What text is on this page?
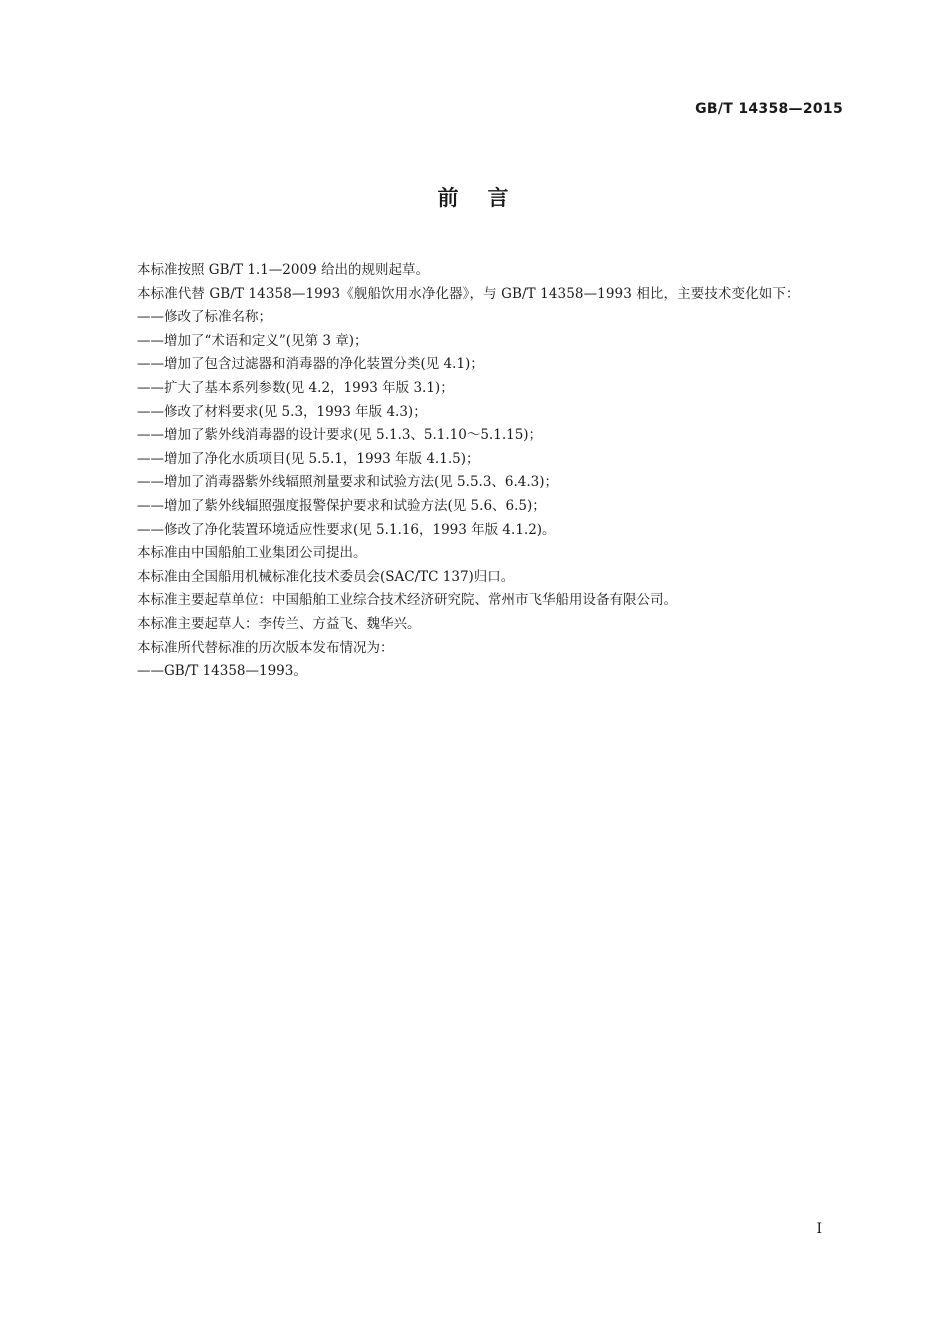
GB/T 14358—2015
前　言

本标准按照 GB/T 1.1—2009 给出的规则起草。

本标准代替 GB/T 14358—1993《舰船饮用水净化器》，与 GB/T 14358—1993 相比，主要技术变化如下：

——修改了标准名称；

——增加了“术语和定义”(见第 3 章)；

——增加了包含过滤器和消毒器的净化装置分类(见 4.1)；

——扩大了基本系列参数(见 4.2，1993 年版 3.1)；

——修改了材料要求(见 5.3，1993 年版 4.3)；

——增加了紫外线消毒器的设计要求(见 5.1.3、5.1.10～5.1.15)；

——增加了净化水质项目(见 5.5.1，1993 年版 4.1.5)；

——增加了消毒器紫外线辐照剂量要求和试验方法(见 5.5.3、6.4.3)；

——增加了紫外线辐照强度报警保护要求和试验方法(见 5.6、6.5)；

——修改了净化装置环境适应性要求(见 5.1.16，1993 年版 4.1.2)。

本标准由中国船舶工业集团公司提出。

本标准由全国船用机械标准化技术委员会(SAC/TC 137)归口。

本标准主要起草单位：中国船舶工业综合技术经济研究院、常州市飞华船用设备有限公司。

本标准主要起草人：李传兰、方益飞、魏华兴。

本标准所代替标准的历次版本发布情况为：

——GB/T 14358—1993。

I
